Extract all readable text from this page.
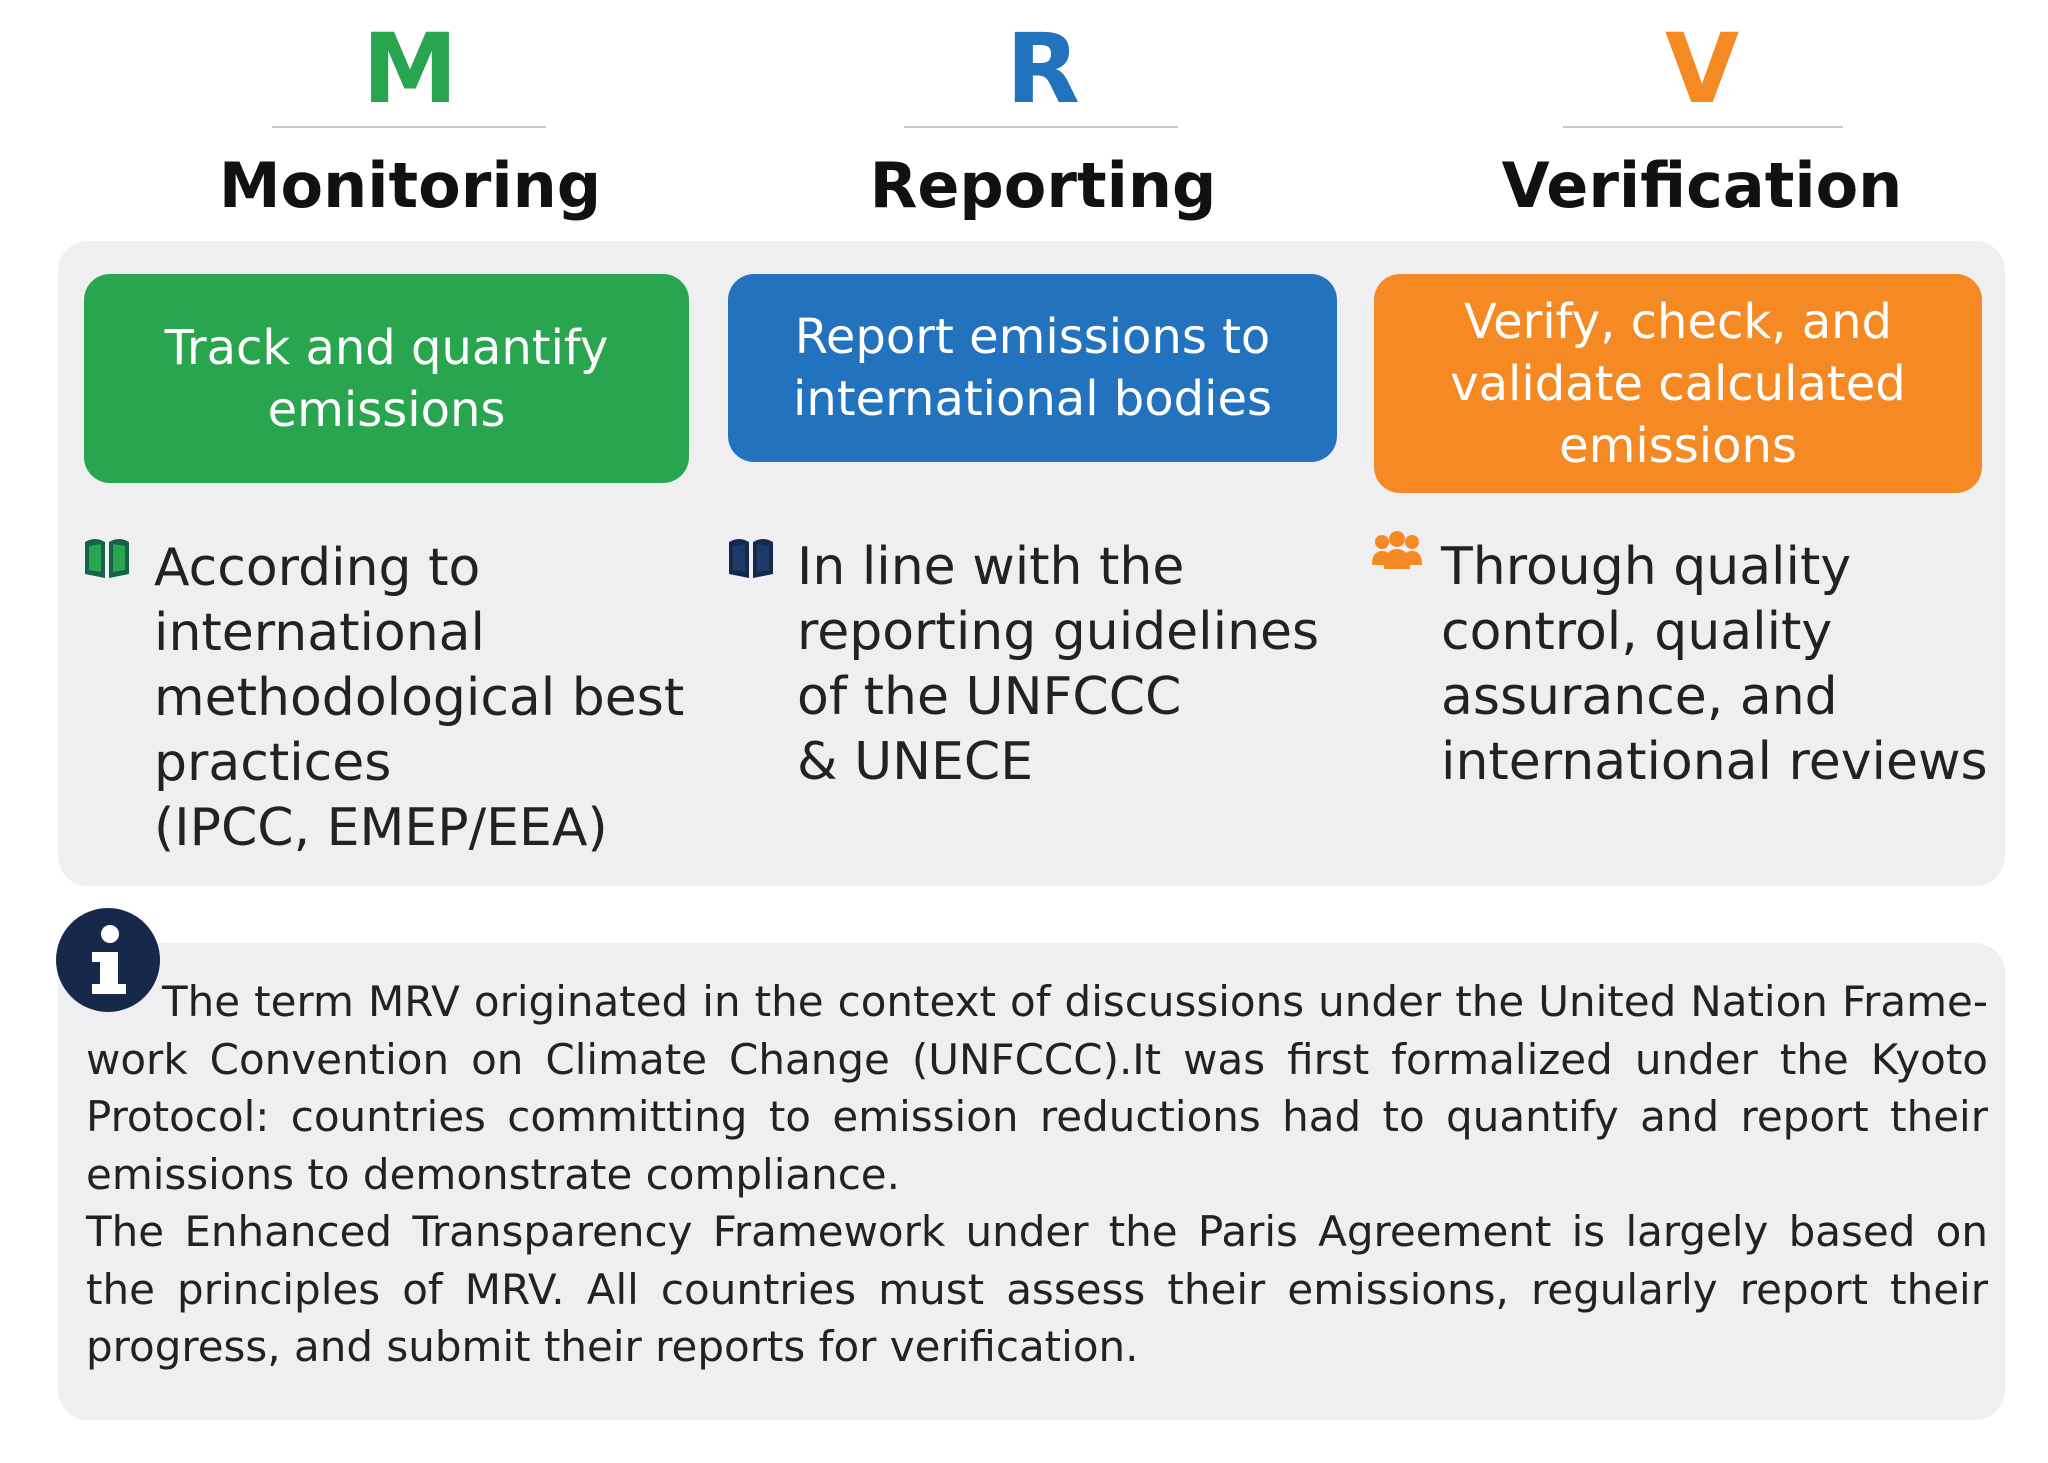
M
Monitoring
R
Reporting
V
Verification
Track and quantify
emissions
Report emissions to
international bodies
Verify, check, and
validate calculated
emissions
According to
international
methodological best
practices
(IPCC, EMEP/EEA)
In line with the
reporting guidelines
of the UNFCCC
& UNECE
Through quality
control, quality
assurance, and
international reviews

The term MRV originated in the context of discussions under the United Nation Frame-work Convention on Climate Change (UNFCCC).It was first formalized under the Kyoto Protocol: countries committing to emission reductions had to quantify and report their emissions to demonstrate compliance.

The Enhanced Transparency Framework under the Paris Agreement is largely based on the principles of MRV. All countries must assess their emissions, regularly report their progress, and submit their reports for verification.
